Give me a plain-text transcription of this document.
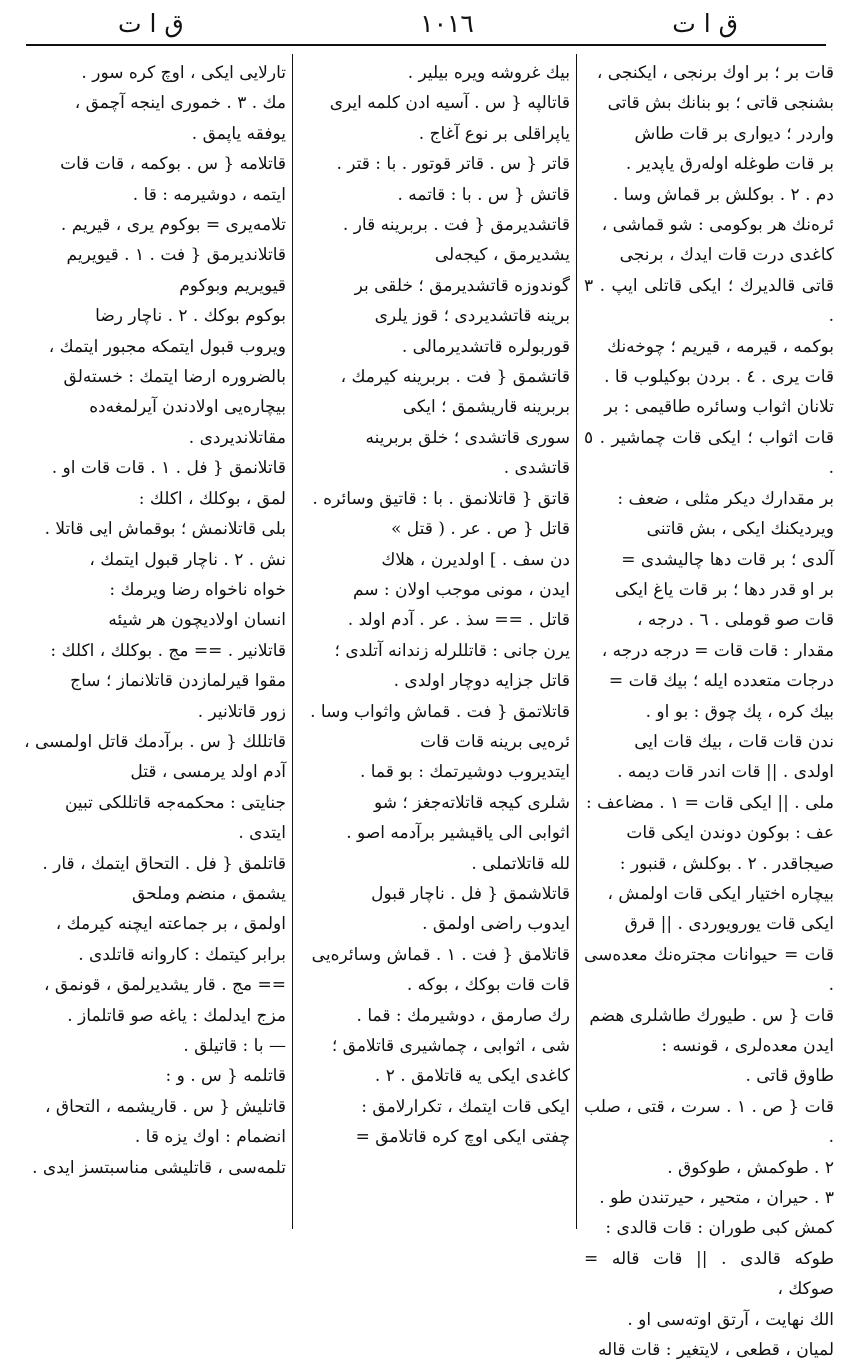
ق ا ت	١٠١٦	ق ا ت

قات بر ؛ بر اوك برنجی ، ایكنجی ،

بشنجی قاتی ؛ بو بنانك بش قاتی

واردر ؛ دیواری بر قات طاش

بر قات طوغله اوله‌رق یاپدیر .

دم . ٢ . بوكلش بر قماش وسا .

ئره‌نك هر بوكومی : شو قماشی ،

كاغدی درت قات ایدك ، برنجی

قاتی قالدیرك ؛ ایكی قاتلی ایپ . ٣ .

بوكمه ، قیرمه ، قیریم ؛ چوخه‌نك

قات یری . ٤ . بردن بوكیلوب قا .

تلانان اثواب وسائره طاقیمی : بر

قات اثواب ؛ ایكی قات چماشیر . ٥ .

بر مقدارك دیكر مثلی ، ضعف :

ویردیكنك ایكی ، بش قاتنی

آلدی ؛ بر قات دها چالیشدی =

بر او قدر دها ؛ بر قات یاغ ایكی

قات صو قوملی . ٦ . درجه ،

مقدار : قات قات = درجه درجه ،

درجات متعدده ایله ؛ بیك قات =

بیك كره ، پك چوق : بو او .

ندن قات قات ، بیك قات ایی

اولدی . || قات اندر قات دیمه .

ملی . || ایكی قات = ١ . مضاعف :

عف : بوكون دوندن ایكی قات

صیجاقدر . ٢ . بوكلش ، قنبور :

بیچاره اختیار ایكی قات اولمش ،

ایكی قات یورویوردی . || قرق

قات = حیوانات مجتره‌نك معده‌سی .

قات { س . طیورك طاشلری هضم

ایدن معده‌لری ، قونسه :

طاوق قاتی .

قات { ص . ١ . سرت ، قتی ، صلب .

٢ . طوكمش ، طوكوق .

٣ . حیران ، متحیر ، حیرتندن طو .

كمش كبی طوران : قات قالدی :

طوكه قالدی . || قات قاله = صوكك ،

الك نهایت ، آرتق اوته‌سی او .

لمیان ، قطعی ، لایتغیر : قات قاله

بیك غروشه ویره بیلیر .

قاتالپه { س . آسیه ادن كلمه ایری

یاپراقلی بر نوع آغاج .

قاتر { س . قاتر قوتور . با : قتر .

قاتش { س . با : قاتمه .

قاتشدیرمق { فت . بربرینه قار .

یشدیرمق ، كیجه‌لی

گوندوزه قاتشدیرمق ؛ خلقی بر

برینه قاتشدیردی ؛ قوز یلری

قوربولره قاتشدیرمالی .

قاتشمق { فت . بربرینه كیرمك ،

بربرینه قاریشمق ؛ ایكی

سوری قاتشدی ؛ خلق بربرینه

قاتشدی .

قاتق { قاتلانمق . با : قاتیق وسائره .

قاتل { ص . عر . ( قتل »

دن سف . ] اولدیرن ، هلاك

ایدن ، مونی موجب اولان : سم

قاتل . == سذ . عر . آدم اولد .

یرن جانی : قاتللرله زندانه آتلدی ؛

قاتل جزایه دوچار اولدی .

قاتلاتمق { فت . قماش واثواب وسا .

ئره‌یی برینه قات قات

ایتدیروب دوشیرتمك : بو قما .

شلری كیجه قاتلاته‌جغز ؛ شو

اثوابی الی یاقیشیر برآدمه اصو .

لله قاتلاتملی .

قاتلاشمق { فل . ناچار قبول

ایدوب راضی اولمق .

قاتلامق { فت . ١ . قماش وسائره‌یی

قات قات بوكك ، بوكه .

رك صارمق ، دوشیرمك : قما .

شی ، اثوابی ، چماشیری قاتلامق ؛

كاغدی ایكی یه قاتلامق . ٢ .

ایكی قات ایتمك ، تكرارلامق :

چفتی ایكی اوچ كره قاتلامق =

تارلایی ایكی ، اوچ كره سور .

مك . ٣ . خموری اینجه آچمق ،

یوفقه یاپمق .

قاتلامه { س . بوكمه ، قات قات

ایتمه ، دوشیرمه : قا .

تلامه‌یری = بوكوم یری ، قیریم .

قاتلاندیرمق { فت . ١ . قیویریم

قیویریم وبوكوم

بوكوم بوكك . ٢ . ناچار رضا

ویروب قبول ایتمكه مجبور ایتمك ،

بالضروره ارضا ایتمك : خسته‌لق

بیچاره‌یی اولادندن آیرلمغه‌ده

مقاتلاندیردی .

قاتلانمق { فل . ١ . قات قات او .

لمق ، بوكلك ، اكلك :

بلی قاتلانمش ؛ بوقماش ایی قاتلا .

نش . ٢ . ناچار قبول ایتمك ،

خواه ناخواه رضا ویرمك :

انسان اولادیچون هر شیئه

قاتلانیر . == مج . بوكلك ، اكلك :

مقوا قیرلمازدن قاتلانماز ؛ ساج

زور قاتلانیر .

قاتللك { س . برآدمك قاتل اولمسی ،

آدم اولد یرمسی ، قتل

جنایتی : محكمه‌جه قاتللكی تبین

ایتدی .

قاتلمق { فل . التحاق ایتمك ، قار .

یشمق ، منضم وملحق

اولمق ، بر جماعته ایچنه كیرمك ،

برابر كیتمك : كاروانه قاتلدی .

== مج . قار یشدیرلمق ، قونمق ،

مزج ایدلمك : یاغه صو قاتلماز .

— با : قاتیلق .

قاتلمه { س . و :

قاتلیش { س . قاریشمه ، التحاق ،

انضمام : اوك یزه قا .

تلمه‌سی ، قاتلیشی مناسبتسز ایدی .
